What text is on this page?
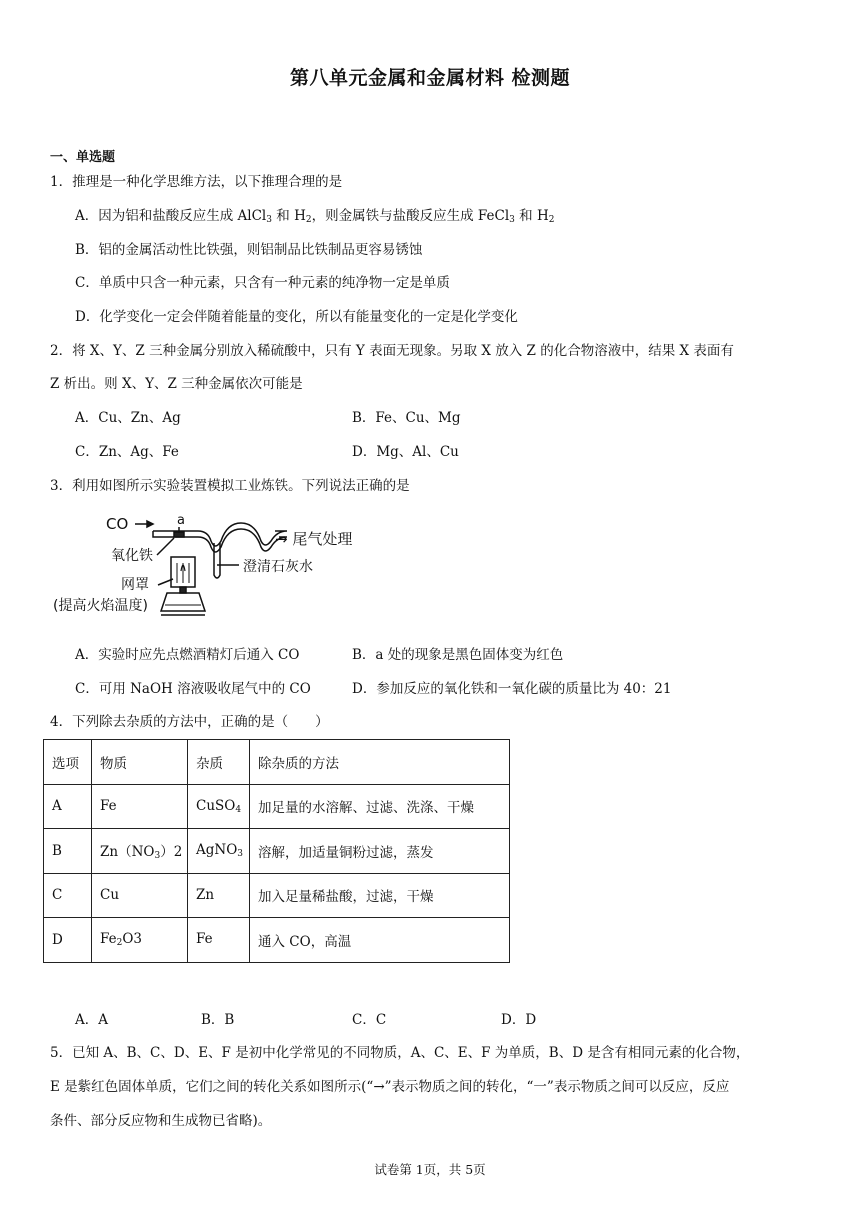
第八单元金属和金属材料 检测题
一、单选题
1．推理是一种化学思维方法，以下推理合理的是
A．因为铝和盐酸反应生成 AlCl$_3$ 和 $H_2$，则金属铁与盐酸反应生成 FeCl$_3$ 和 $H_2$
B．铝的金属活动性比铁强，则铝制品比铁制品更容易锈蚀
C．单质中只含一种元素，只含有一种元素的纯净物一定是单质
D．化学变化一定会伴随着能量的变化，所以有能量变化的一定是化学变化
2．将 X、Y、Z 三种金属分别放入稀硫酸中，只有 Y 表面无现象。另取 X 放入 Z 的化合物溶液中，结果 X 表面有
Z 析出。则 X、Y、Z 三种金属依次可能是
A．Cu、Zn、Ag	B．Fe、Cu、Mg
C．Zn、Ag、Fe	D．Mg、Al、Cu
3．利用如图所示实验装置模拟工业炼铁。下列说法正确的是
CO	a
→ 尾气处理
氧化铁
澄清石灰水
网罩
(提高火焰温度)
A．实验时应先点燃酒精灯后通入 CO	B．a 处的现象是黑色固体变为红色
C．可用 NaOH 溶液吸收尾气中的 CO	D．参加反应的氧化铁和一氧化碳的质量比为 40：21
4．下列除去杂质的方法中，正确的是（　　）
选项	物质	杂质	除杂质的方法
A	Fe	CuSO$_4$	加足量的水溶解、过滤、洗涤、干燥
B	$Zn(NO_3)2$	AgNO$_3$	溶解，加适量铜粉过滤，蒸发
C	Cu	Zn	加入足量稀盐酸，过滤，干燥
D	$Fe_2O3$	Fe	通入 CO，高温
A．A	B．B	C．C	D．D
5．已知 A、B、C、D、E、F 是初中化学常见的不同物质，A、C、E、F 为单质，B、D 是含有相同元素的化合物，
E 是紫红色固体单质，它们之间的转化关系如图所示(“→”表示物质之间的转化，“一”表示物质之间可以反应，反应
条件、部分反应物和生成物已省略)。
试卷第 1页，共 5页
